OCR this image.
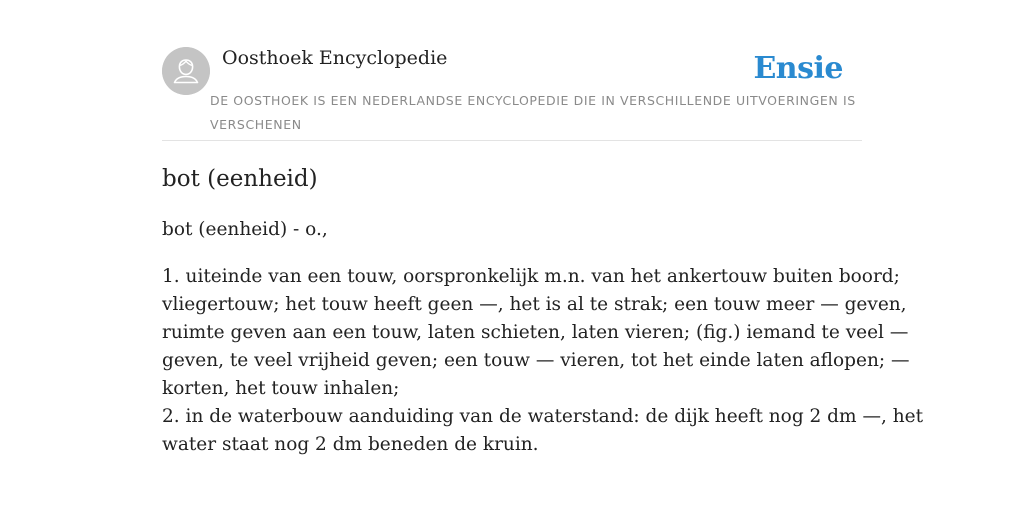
Oosthoek Encyclopedie	Ensie
DE OOSTHOEK IS EEN NEDERLANDSE ENCYCLOPEDIE DIE IN VERSCHILLENDE UITVOERINGEN IS
VERSCHENEN
bot (eenheid)

bot (eenheid) - o.,

1. uiteinde van een touw, oorspronkelijk m.n. van het ankertouw buiten boord;
vliegertouw; het touw heeft geen —, het is al te strak; een touw meer — geven,
ruimte geven aan een touw, laten schieten, laten vieren; (fig.) iemand te veel —
geven, te veel vrijheid geven; een touw — vieren, tot het einde laten aflopen; —
korten, het touw inhalen;
2. in de waterbouw aanduiding van de waterstand: de dijk heeft nog 2 dm —, het
water staat nog 2 dm beneden de kruin.
